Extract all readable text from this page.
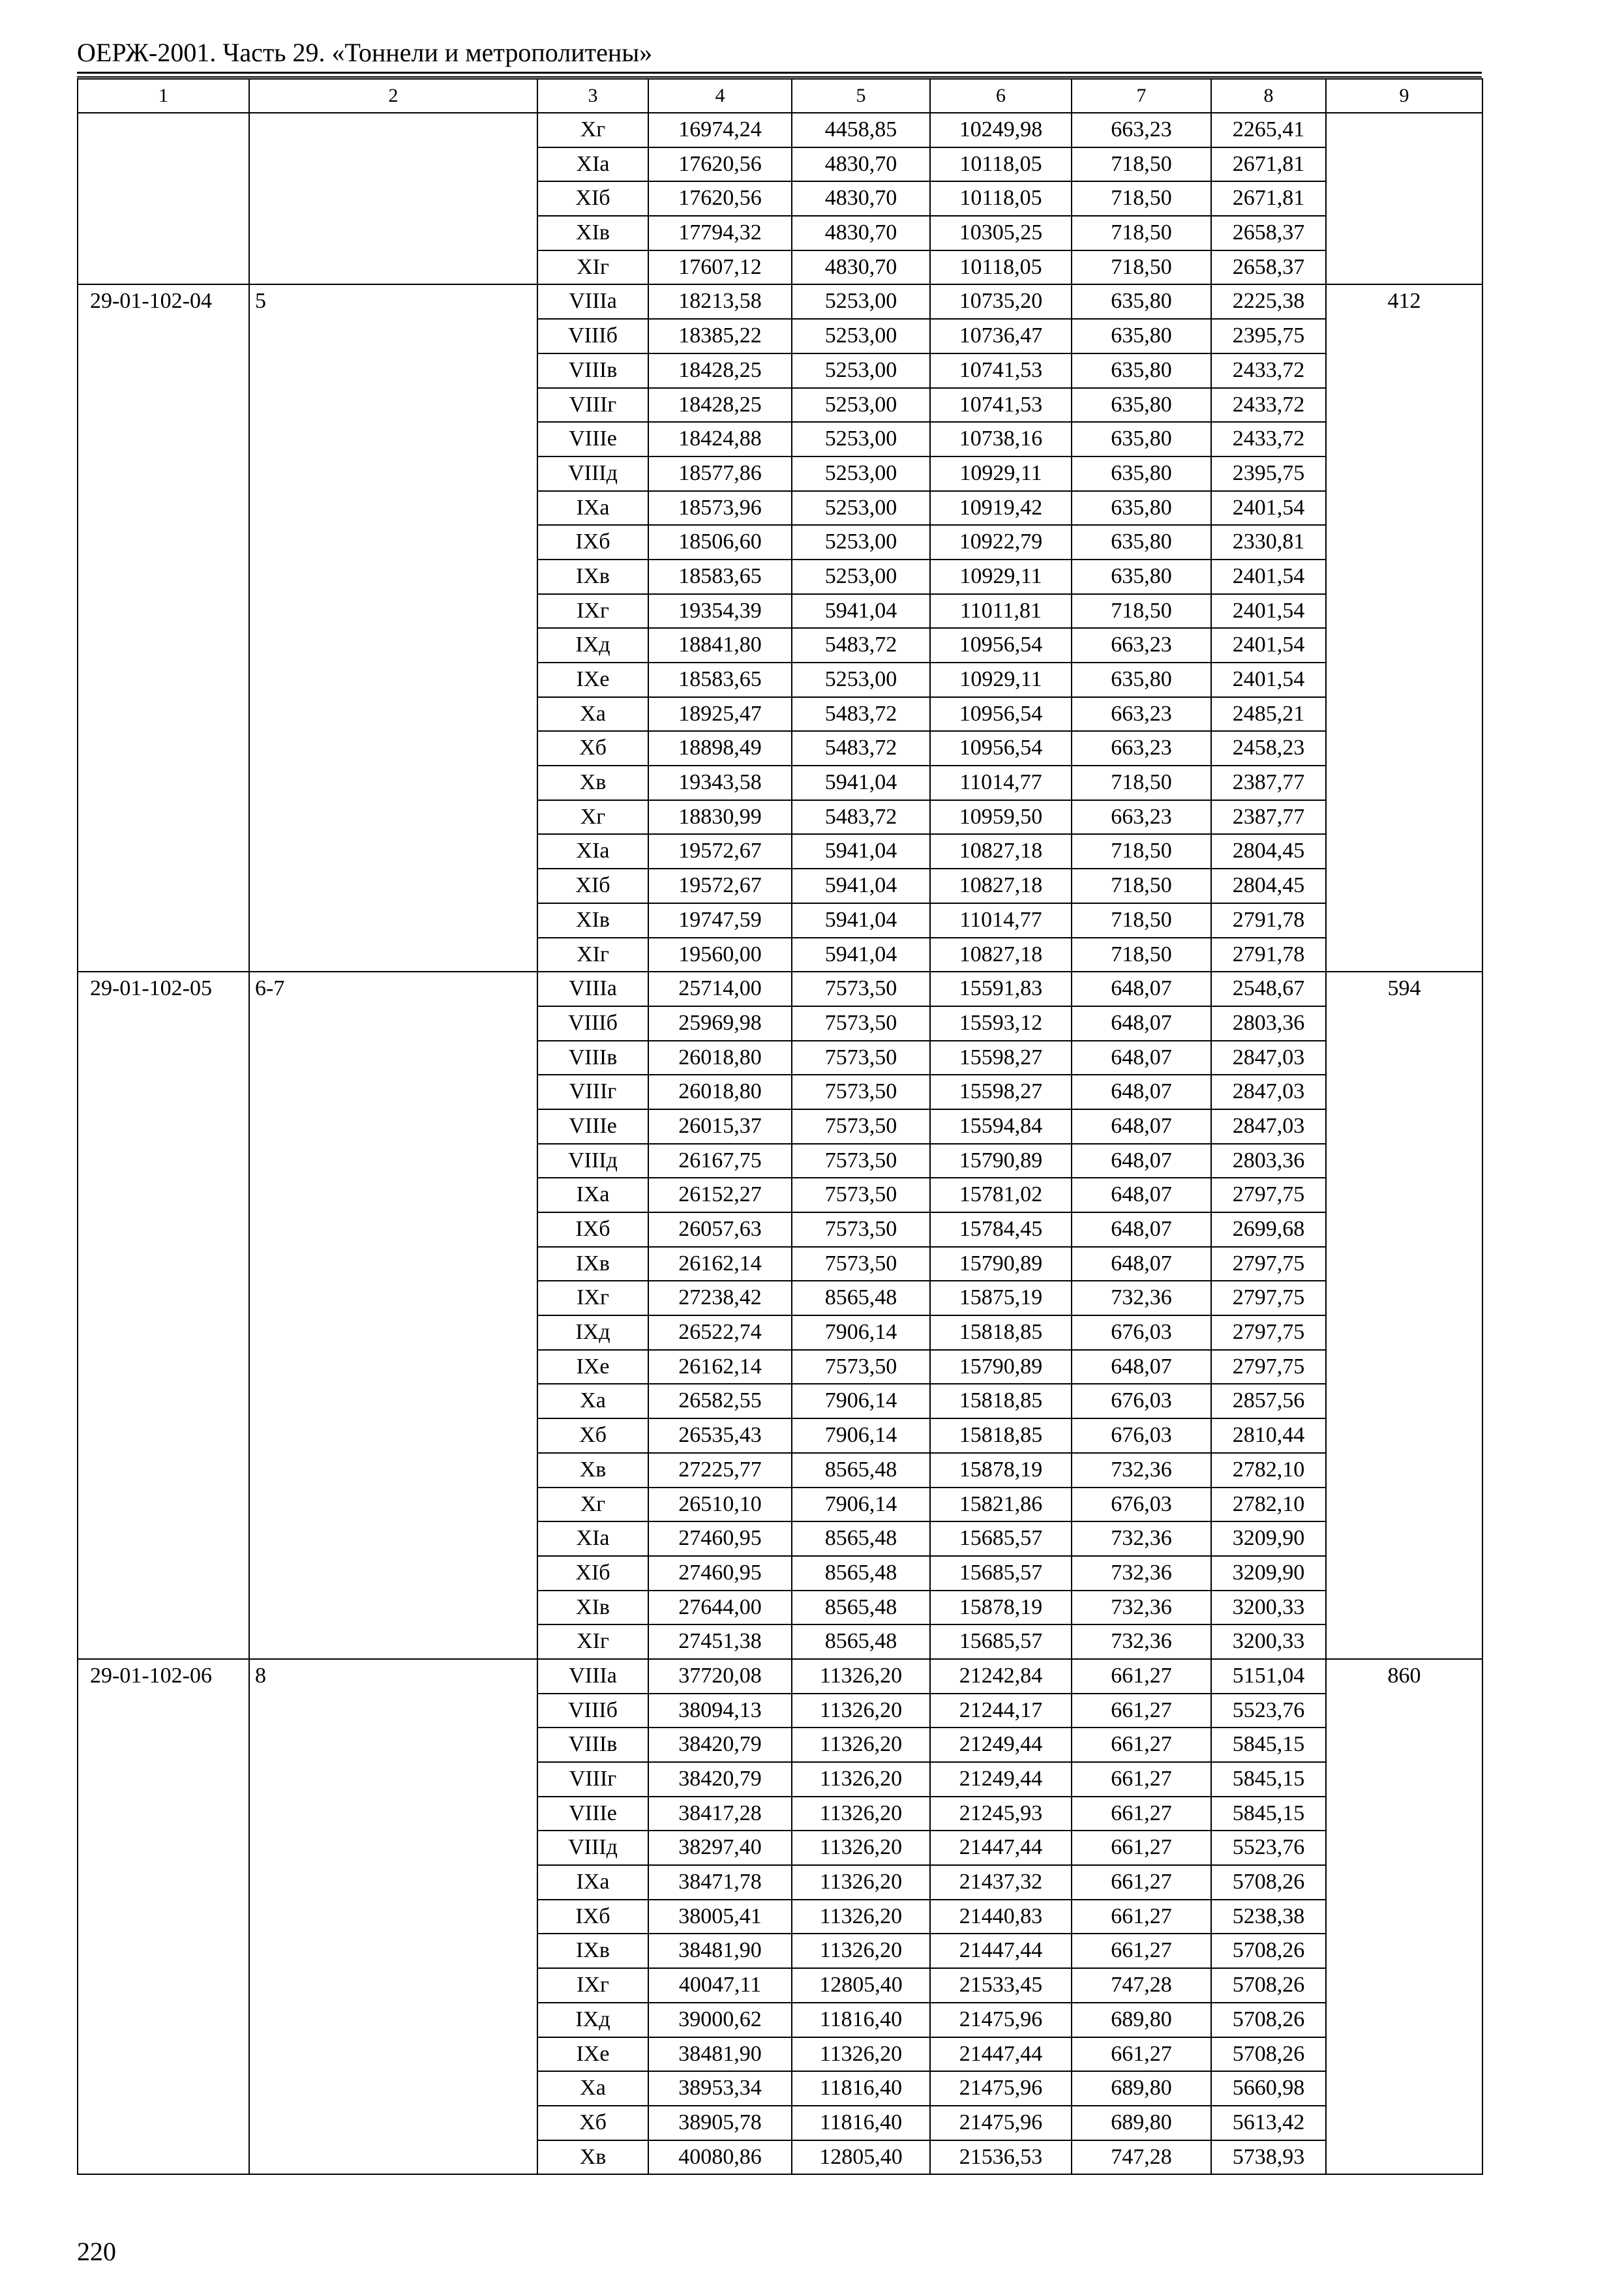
ОЕРЖ-2001. Часть 29. «Тоннели и метрополитены»
1	2	3	4	5	6	7	8	9
		Xг	16974,24	4458,85	10249,98	663,23	2265,41	
		XIa	17620,56	4830,70	10118,05	718,50	2671,81	
		XIб	17620,56	4830,70	10118,05	718,50	2671,81	
		XIв	17794,32	4830,70	10305,25	718,50	2658,37	
		XIг	17607,12	4830,70	10118,05	718,50	2658,37	
29-01-102-04	5	VIIIa	18213,58	5253,00	10735,20	635,80	2225,38	412
		VIIIб	18385,22	5253,00	10736,47	635,80	2395,75	
		VIIIв	18428,25	5253,00	10741,53	635,80	2433,72	
		VIIIг	18428,25	5253,00	10741,53	635,80	2433,72	
		VIIIe	18424,88	5253,00	10738,16	635,80	2433,72	
		VIIIд	18577,86	5253,00	10929,11	635,80	2395,75	
		IXa	18573,96	5253,00	10919,42	635,80	2401,54	
		IXб	18506,60	5253,00	10922,79	635,80	2330,81	
		IXв	18583,65	5253,00	10929,11	635,80	2401,54	
		IXг	19354,39	5941,04	11011,81	718,50	2401,54	
		IXд	18841,80	5483,72	10956,54	663,23	2401,54	
		IXe	18583,65	5253,00	10929,11	635,80	2401,54	
		Xa	18925,47	5483,72	10956,54	663,23	2485,21	
		Xб	18898,49	5483,72	10956,54	663,23	2458,23	
		Xв	19343,58	5941,04	11014,77	718,50	2387,77	
		Xг	18830,99	5483,72	10959,50	663,23	2387,77	
		XIa	19572,67	5941,04	10827,18	718,50	2804,45	
		XIб	19572,67	5941,04	10827,18	718,50	2804,45	
		XIв	19747,59	5941,04	11014,77	718,50	2791,78	
		XIг	19560,00	5941,04	10827,18	718,50	2791,78	
29-01-102-05	6-7	VIIIa	25714,00	7573,50	15591,83	648,07	2548,67	594
		VIIIб	25969,98	7573,50	15593,12	648,07	2803,36	
		VIIIв	26018,80	7573,50	15598,27	648,07	2847,03	
		VIIIг	26018,80	7573,50	15598,27	648,07	2847,03	
		VIIIe	26015,37	7573,50	15594,84	648,07	2847,03	
		VIIIд	26167,75	7573,50	15790,89	648,07	2803,36	
		IXa	26152,27	7573,50	15781,02	648,07	2797,75	
		IXб	26057,63	7573,50	15784,45	648,07	2699,68	
		IXв	26162,14	7573,50	15790,89	648,07	2797,75	
		IXг	27238,42	8565,48	15875,19	732,36	2797,75	
		IXд	26522,74	7906,14	15818,85	676,03	2797,75	
		IXe	26162,14	7573,50	15790,89	648,07	2797,75	
		Xa	26582,55	7906,14	15818,85	676,03	2857,56	
		Xб	26535,43	7906,14	15818,85	676,03	2810,44	
		Xв	27225,77	8565,48	15878,19	732,36	2782,10	
		Xг	26510,10	7906,14	15821,86	676,03	2782,10	
		XIa	27460,95	8565,48	15685,57	732,36	3209,90	
		XIб	27460,95	8565,48	15685,57	732,36	3209,90	
		XIв	27644,00	8565,48	15878,19	732,36	3200,33	
		XIг	27451,38	8565,48	15685,57	732,36	3200,33	
29-01-102-06	8	VIIIa	37720,08	11326,20	21242,84	661,27	5151,04	860
		VIIIб	38094,13	11326,20	21244,17	661,27	5523,76	
		VIIIв	38420,79	11326,20	21249,44	661,27	5845,15	
		VIIIг	38420,79	11326,20	21249,44	661,27	5845,15	
		VIIIe	38417,28	11326,20	21245,93	661,27	5845,15	
		VIIIд	38297,40	11326,20	21447,44	661,27	5523,76	
		IXa	38471,78	11326,20	21437,32	661,27	5708,26	
		IXб	38005,41	11326,20	21440,83	661,27	5238,38	
		IXв	38481,90	11326,20	21447,44	661,27	5708,26	
		IXг	40047,11	12805,40	21533,45	747,28	5708,26	
		IXд	39000,62	11816,40	21475,96	689,80	5708,26	
		IXe	38481,90	11326,20	21447,44	661,27	5708,26	
		Xa	38953,34	11816,40	21475,96	689,80	5660,98	
		Xб	38905,78	11816,40	21475,96	689,80	5613,42	
		Xв	40080,86	12805,40	21536,53	747,28	5738,93	
220
